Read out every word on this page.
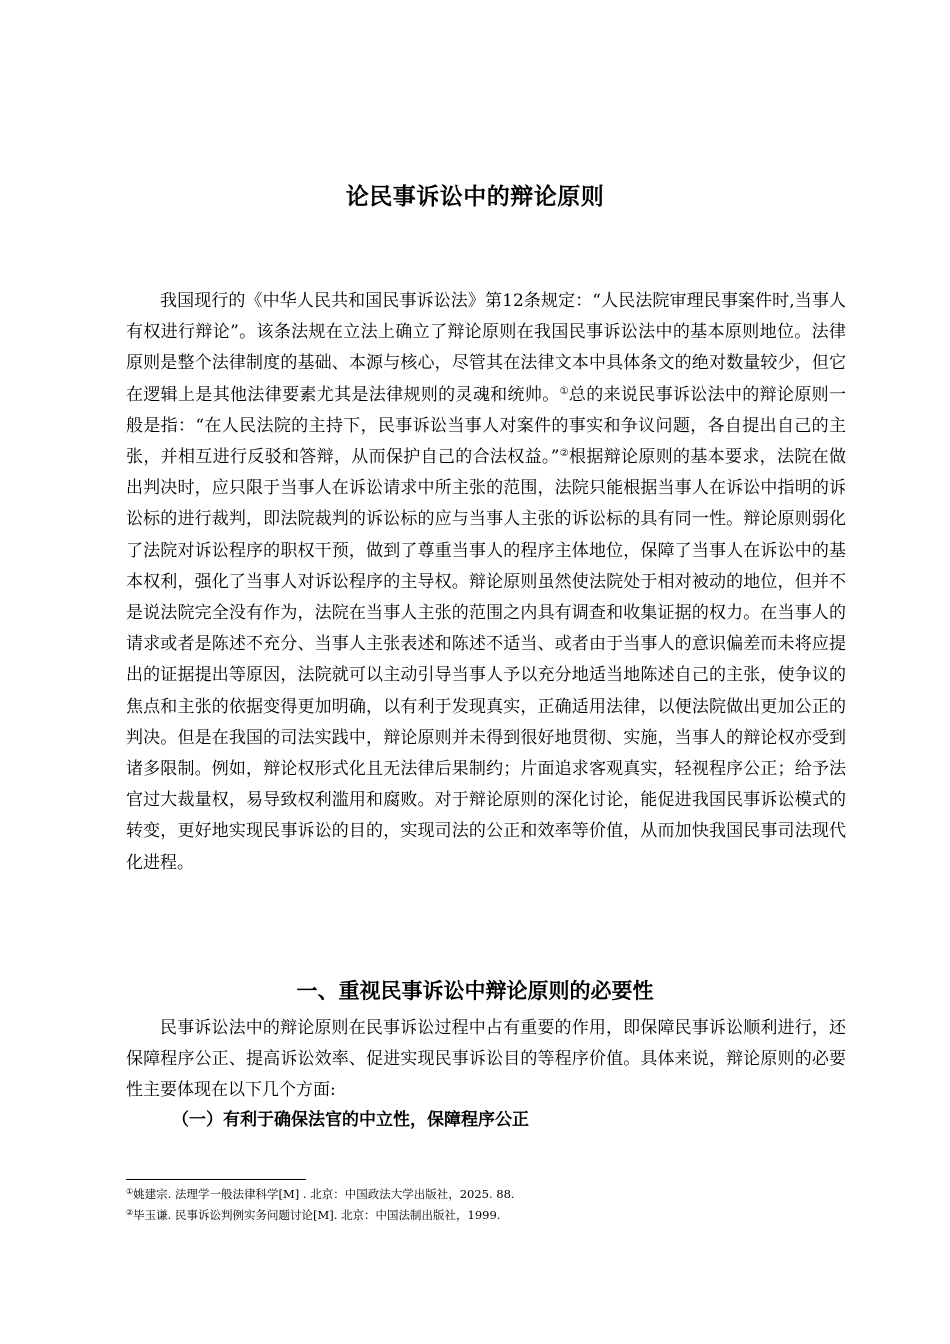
论民事诉讼中的辩论原则

我国现行的《中华人民共和国民事诉讼法》第12条规定：“人民法院审理民事案件时,当事人有权进行辩论”。该条法规在立法上确立了辩论原则在我国民事诉讼法中的基本原则地位。法律原则是整个法律制度的基础、本源与核心，尽管其在法律文本中具体条文的绝对数量较少，但它在逻辑上是其他法律要素尤其是法律规则的灵魂和统帅。①总的来说民事诉讼法中的辩论原则一般是指：“在人民法院的主持下，民事诉讼当事人对案件的事实和争议问题，各自提出自己的主张，并相互进行反驳和答辩，从而保护自己的合法权益。”②根据辩论原则的基本要求，法院在做出判决时，应只限于当事人在诉讼请求中所主张的范围，法院只能根据当事人在诉讼中指明的诉讼标的进行裁判，即法院裁判的诉讼标的应与当事人主张的诉讼标的具有同一性。辩论原则弱化了法院对诉讼程序的职权干预，做到了尊重当事人的程序主体地位，保障了当事人在诉讼中的基本权利，强化了当事人对诉讼程序的主导权。辩论原则虽然使法院处于相对被动的地位，但并不是说法院完全没有作为，法院在当事人主张的范围之内具有调查和收集证据的权力。在当事人的请求或者是陈述不充分、当事人主张表述和陈述不适当、或者由于当事人的意识偏差而未将应提出的证据提出等原因，法院就可以主动引导当事人予以充分地适当地陈述自己的主张，使争议的焦点和主张的依据变得更加明确，以有利于发现真实，正确适用法律，以便法院做出更加公正的判决。但是在我国的司法实践中，辩论原则并未得到很好地贯彻、实施，当事人的辩论权亦受到诸多限制。例如，辩论权形式化且无法律后果制约；片面追求客观真实，轻视程序公正；给予法官过大裁量权，易导致权利滥用和腐败。对于辩论原则的深化讨论，能促进我国民事诉讼模式的转变，更好地实现民事诉讼的目的，实现司法的公正和效率等价值，从而加快我国民事司法现代化进程。

一、重视民事诉讼中辩论原则的必要性

民事诉讼法中的辩论原则在民事诉讼过程中占有重要的作用，即保障民事诉讼顺利进行，还保障程序公正、提高诉讼效率、促进实现民事诉讼目的等程序价值。具体来说，辩论原则的必要性主要体现在以下几个方面:

（一）有利于确保法官的中立性，保障程序公正

①姚建宗. 法理学一般法律科学[M] . 北京：中国政法大学出版社，2025. 88.

②毕玉谦. 民事诉讼判例实务问题讨论[M]. 北京：中国法制出版社，1999.
